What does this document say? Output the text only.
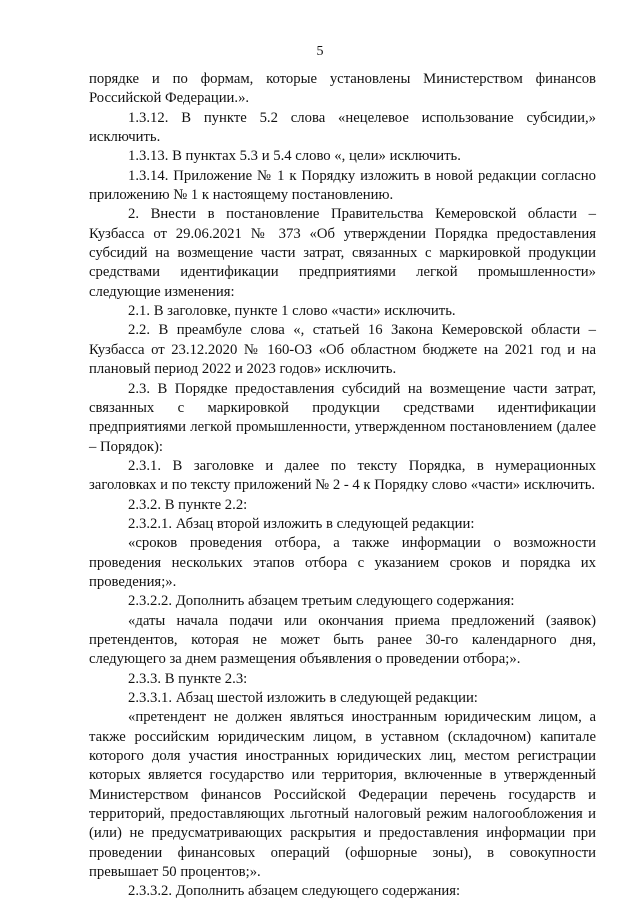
5

порядке и по формам, которые установлены Министерством финансов Российской Федерации.».

1.3.12. В пункте 5.2 слова «нецелевое использование субсидии,» исключить.

1.3.13. В пунктах 5.3 и 5.4 слово «, цели» исключить.

1.3.14. Приложение № 1 к Порядку изложить в новой редакции согласно приложению № 1 к настоящему постановлению.

2. Внести в постановление Правительства Кемеровской области – Кузбасса от 29.06.2021 № 373 «Об утверждении Порядка предоставления субсидий на возмещение части затрат, связанных с маркировкой продукции средствами идентификации предприятиями легкой промышленности» следующие изменения:

2.1. В заголовке, пункте 1 слово «части» исключить.

2.2. В преамбуле слова «, статьей 16 Закона Кемеровской области – Кузбасса от 23.12.2020 № 160-ОЗ «Об областном бюджете на 2021 год и на плановый период 2022 и 2023 годов» исключить.

2.3. В Порядке предоставления субсидий на возмещение части затрат, связанных с маркировкой продукции средствами идентификации предприятиями легкой промышленности, утвержденном постановлением (далее – Порядок):

2.3.1. В заголовке и далее по тексту Порядка, в нумерационных заголовках и по тексту приложений № 2 - 4 к Порядку слово «части» исключить.

2.3.2. В пункте 2.2:

2.3.2.1. Абзац второй изложить в следующей редакции:

«сроков проведения отбора, а также информации о возможности проведения нескольких этапов отбора с указанием сроков и порядка их проведения;».

2.3.2.2. Дополнить абзацем третьим следующего содержания:

«даты начала подачи или окончания приема предложений (заявок) претендентов, которая не может быть ранее 30-го календарного дня, следующего за днем размещения объявления о проведении отбора;».

2.3.3. В пункте 2.3:

2.3.3.1. Абзац шестой изложить в следующей редакции:

«претендент не должен являться иностранным юридическим лицом, а также российским юридическим лицом, в уставном (складочном) капитале которого доля участия иностранных юридических лиц, местом регистрации которых является государство или территория, включенные в утвержденный Министерством финансов Российской Федерации перечень государств и территорий, предоставляющих льготный налоговый режим налогообложения и (или) не предусматривающих раскрытия и предоставления информации при проведении финансовых операций (офшорные зоны), в совокупности превышает 50 процентов;».

2.3.3.2. Дополнить абзацем следующего содержания:
